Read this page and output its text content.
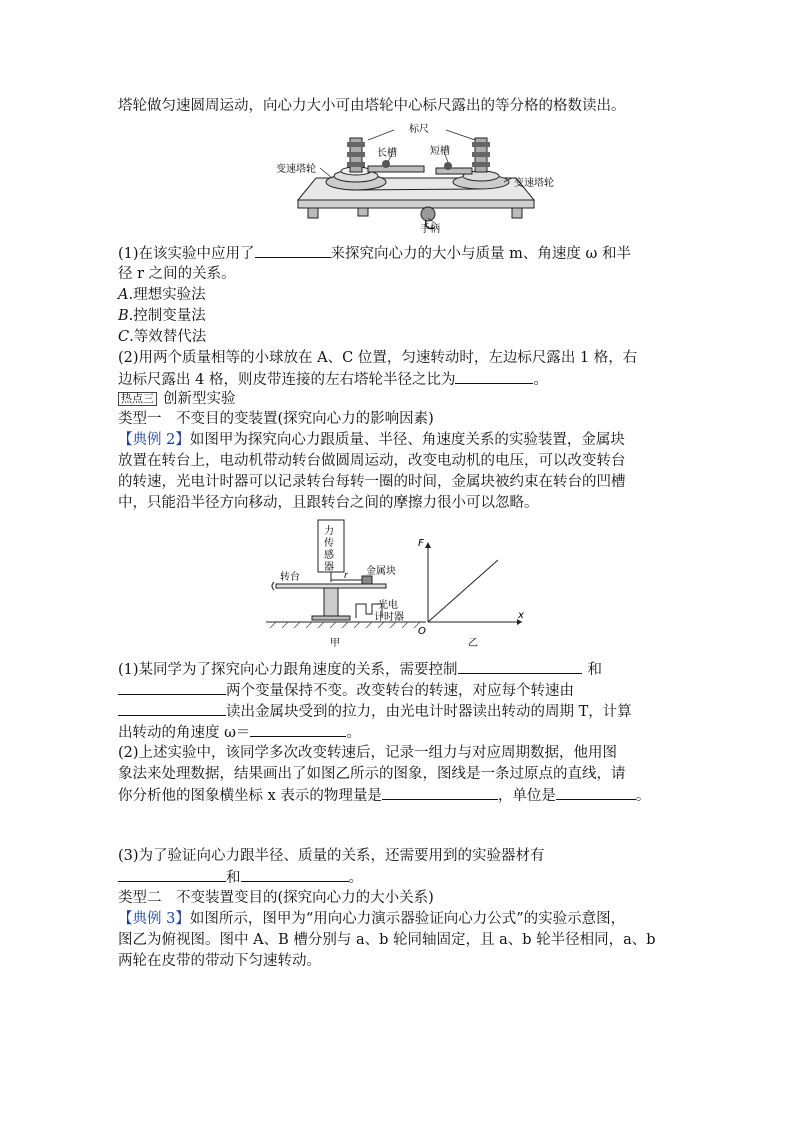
塔轮做匀速圆周运动，向心力大小可由塔轮中心标尺露出的等分格的格数读出。
标尺
长槽	短槽
变速塔轮
变速塔轮
手柄
(1)在该实验中应用了	来探究向心力的大小与质量 m、角速度 ω 和半
径 r 之间的关系。
A.理想实验法
B.控制变量法
C.等效替代法
(2)用两个质量相等的小球放在 A、C 位置，匀速转动时，左边标尺露出 1 格，右
边标尺露出 4 格，则皮带连接的左右塔轮半径之比为	。
热点三 创新型实验
类型一　不变目的变装置(探究向心力的影响因素)
【典例 2】如图甲为探究向心力跟质量、半径、角速度关系的实验装置，金属块
放置在转台上，电动机带动转台做圆周运动，改变电动机的电压，可以改变转台
的转速，光电计时器可以记录转台每转一圈的时间，金属块被约束在转台的凹槽
中，只能沿半径方向移动，且跟转台之间的摩擦力很小可以忽略。
力
传
感
器
r
转台
金属块
光电
计时器
甲
F
x
O
乙
(1)某同学为了探究向心力跟角速度的关系，需要控制	和
两个变量保持不变。改变转台的转速，对应每个转速由
读出金属块受到的拉力，由光电计时器读出转动的周期 T，计算
出转动的角速度 ω＝	。
(2)上述实验中，该同学多次改变转速后，记录一组力与对应周期数据，他用图
象法来处理数据，结果画出了如图乙所示的图象，图线是一条过原点的直线，请
你分析他的图象横坐标 x 表示的物理量是	，单位是	。
(3)为了验证向心力跟半径、质量的关系，还需要用到的实验器材有
和	。
类型二　不变装置变目的(探究向心力的大小关系)
【典例 3】如图所示，图甲为“用向心力演示器验证向心力公式”的实验示意图，
图乙为俯视图。图中 A、B 槽分别与 a、b 轮同轴固定，且 a、b 轮半径相同，a、b
两轮在皮带的带动下匀速转动。
